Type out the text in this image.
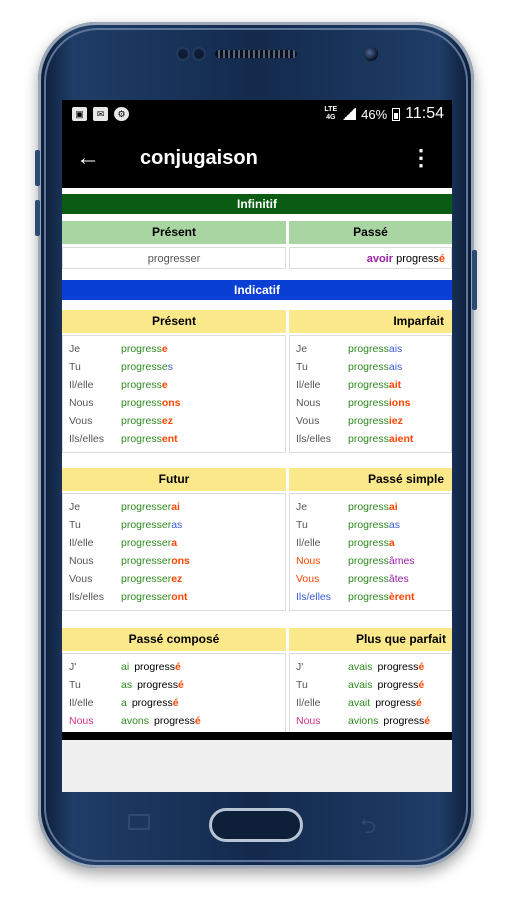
▣	✉	⚙	LTE
4G 46% 11:54
← conjugaison	⋮
Infinitif
Présent	Passé
progresser	avoir progressé
Indicatif
Présent	Imparfait
Je	progresse
Tu	progresses
Il/elle	progresse
Nous	progressons
Vous	progressez
Ils/elles progressent
Je	progressais
Tu	progressais
Il/elle	progressait
Nous	progressions
Vous	progressiez
Ils/elles progressaient
Futur	Passé simple
Je	progresserai
Tu	progresseras
Il/elle	progressera
Nous	progresserons
Vous	progresserez
Ils/elles progresseront
Je	progressai
Tu	progressas
Il/elle	progressa
Nous	progressâmes
Vous	progressâtes
Ils/elles progressèrent
Passé composé	Plus que parfait
J'	ai progressé
Tu	as progressé
Il/elle	a progressé
Nous	avons progressé
J'	avais progressé
Tu	avais progressé
Il/elle	avait progressé
Nous	avions progressé
⮌
